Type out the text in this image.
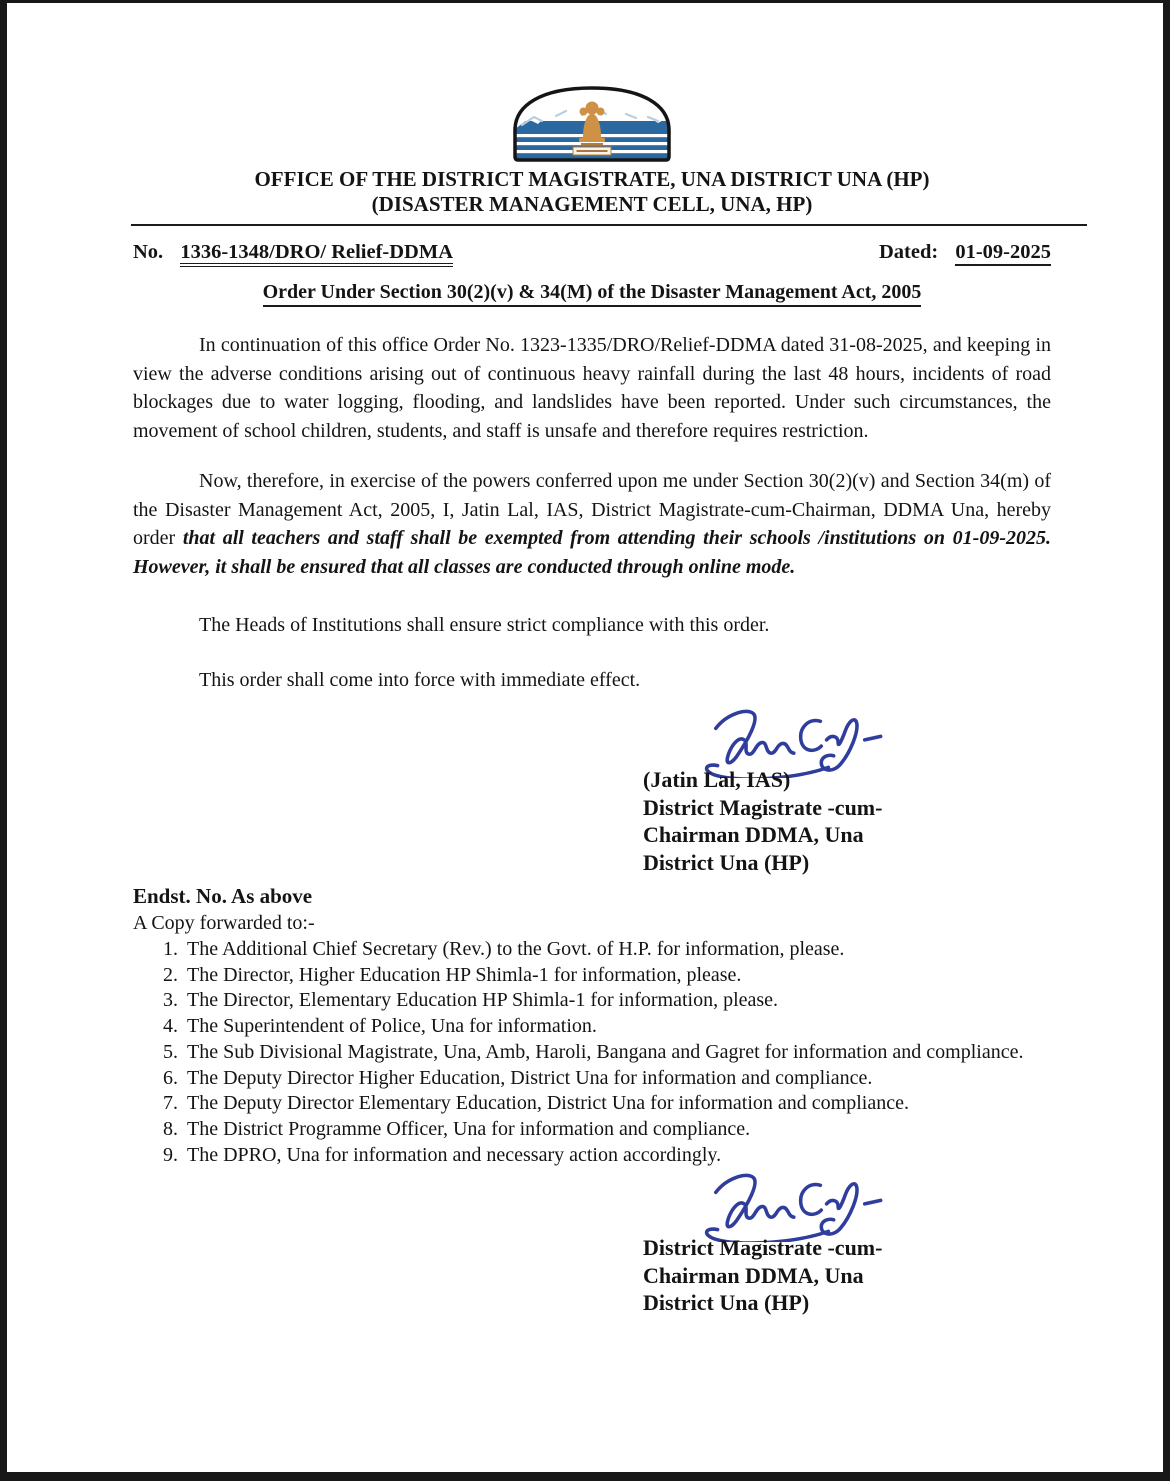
OFFICE OF THE DISTRICT MAGISTRATE, UNA DISTRICT UNA (HP)
(DISASTER MANAGEMENT CELL, UNA, HP)
No. 1336-1348/DRO/ Relief-DDMA	Dated: 01-09-2025
Order Under Section 30(2)(v) & 34(M) of the Disaster Management Act, 2005

In continuation of this office Order No. 1323-1335/DRO/Relief-DDMA dated 31-08-2025, and keeping in view the adverse conditions arising out of continuous heavy rainfall during the last 48 hours, incidents of road blockages due to water logging, flooding, and landslides have been reported. Under such circumstances, the movement of school children, students, and staff is unsafe and therefore requires restriction.

Now, therefore, in exercise of the powers conferred upon me under Section 30(2)(v) and Section 34(m) of the Disaster Management Act, 2005, I, Jatin Lal, IAS, District Magistrate-cum-Chairman, DDMA Una, hereby order that all teachers and staff shall be exempted from attending their schools /institutions on 01-09-2025. However, it shall be ensured that all classes are conducted through online mode.

The Heads of Institutions shall ensure strict compliance with this order.

This order shall come into force with immediate effect.

(Jatin Lal, IAS)
District Magistrate -cum-
Chairman DDMA, Una
District Una (HP)
Endst. No. As above
A Copy forwarded to:-
1. The Additional Chief Secretary (Rev.) to the Govt. of H.P. for information, please.
2. The Director, Higher Education HP Shimla-1 for information, please.
3. The Director, Elementary Education HP Shimla-1 for information, please.
4. The Superintendent of Police, Una for information.
5. The Sub Divisional Magistrate, Una, Amb, Haroli, Bangana and Gagret for information and compliance.
6. The Deputy Director Higher Education, District Una for information and compliance.
7. The Deputy Director Elementary Education, District Una for information and compliance.
8. The District Programme Officer, Una for information and compliance.
9. The DPRO, Una for information and necessary action accordingly.
District Magistrate -cum-
Chairman DDMA, Una
District Una (HP)
